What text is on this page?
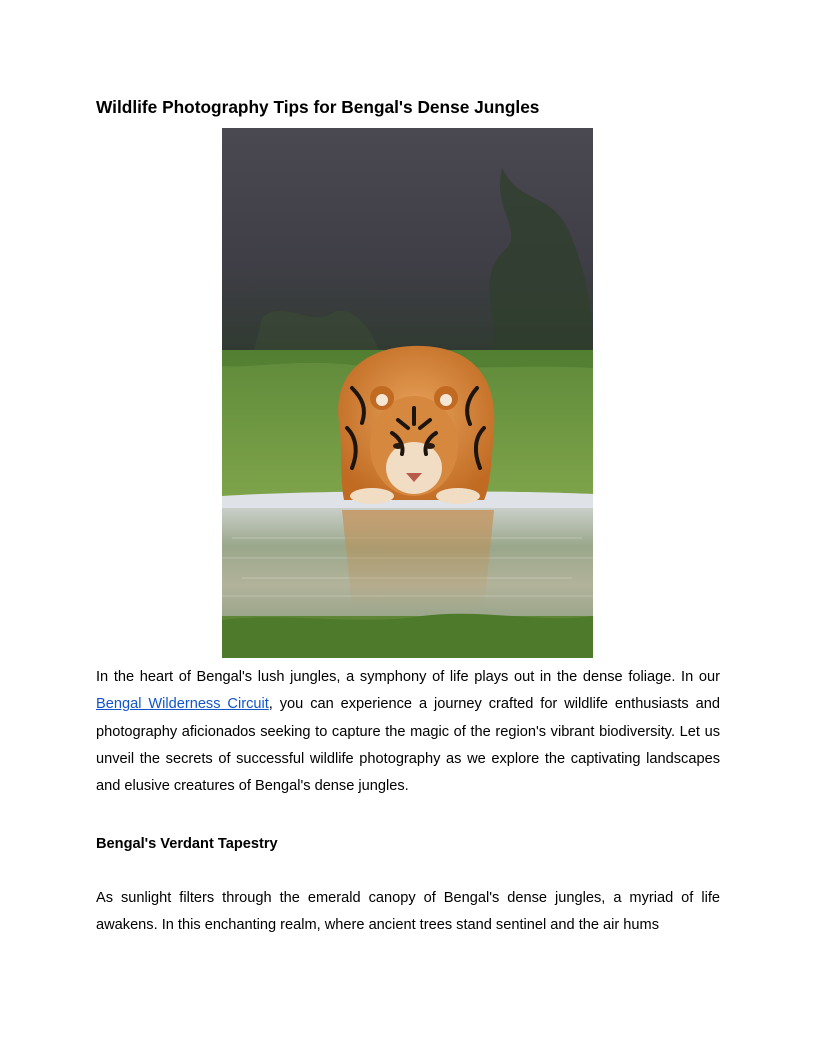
Wildlife Photography Tips for Bengal's Dense Jungles

In the heart of Bengal's lush jungles, a symphony of life plays out in the dense foliage. In our Bengal Wilderness Circuit, you can experience a journey crafted for wildlife enthusiasts and photography aficionados seeking to capture the magic of the region's vibrant biodiversity. Let us unveil the secrets of successful wildlife photography as we explore the captivating landscapes and elusive creatures of Bengal's dense jungles.

Bengal's Verdant Tapestry

As sunlight filters through the emerald canopy of Bengal's dense jungles, a myriad of life awakens. In this enchanting realm, where ancient trees stand sentinel and the air hums
